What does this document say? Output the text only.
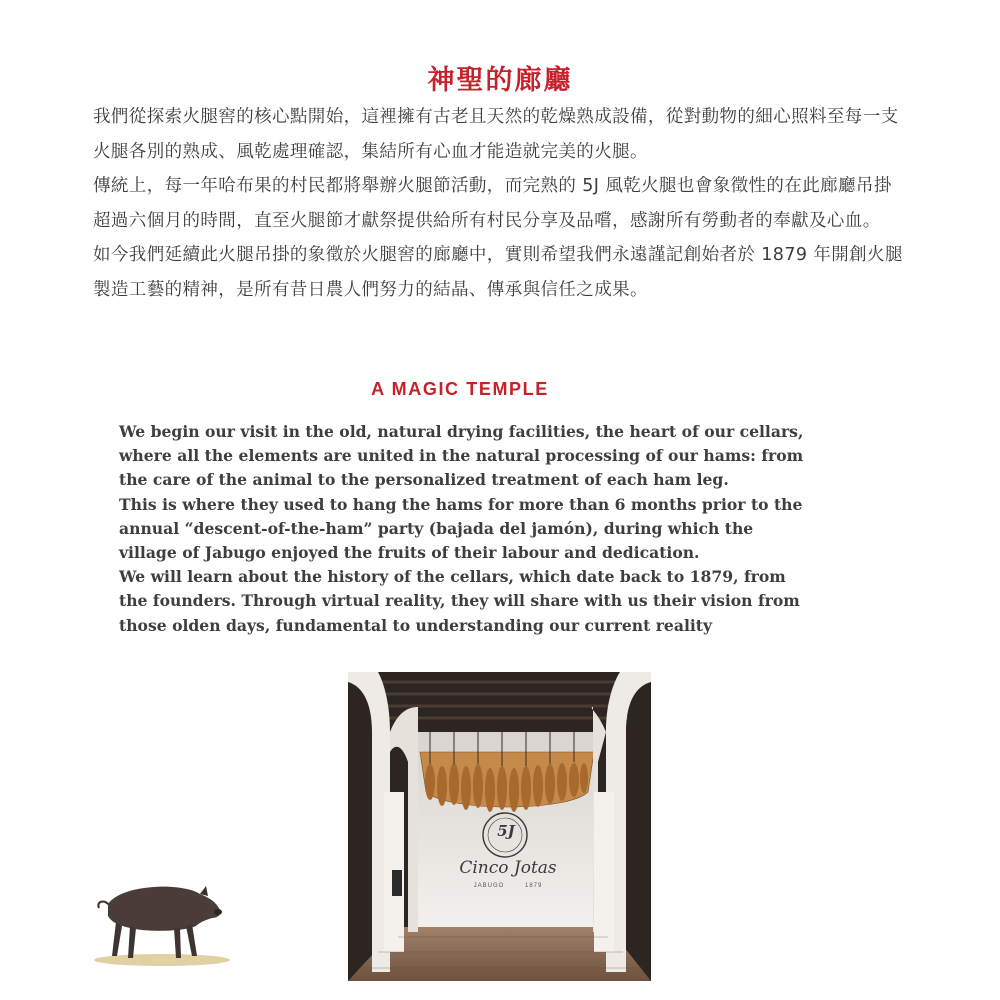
神聖的廊廳

我們從探索火腿窖的核心點開始，這裡擁有古老且天然的乾燥熟成設備，從對動物的細心照料至每一支火腿各別的熟成、風乾處理確認，集結所有心血才能造就完美的火腿。

傳統上，每一年哈布果的村民都將舉辦火腿節活動，而完熟的 5J 風乾火腿也會象徵性的在此廊廳吊掛超過六個月的時間，直至火腿節才獻祭提供給所有村民分享及品嚐，感謝所有勞動者的奉獻及心血。

如今我們延續此火腿吊掛的象徵於火腿窖的廊廳中，實則希望我們永遠謹記創始者於 1879 年開創火腿製造工藝的精神，是所有昔日農人們努力的結晶、傳承與信任之成果。

A MAGIC TEMPLE

We begin our visit in the old, natural drying facilities, the heart of our cellars, where all the elements are united in the natural processing of our hams: from the care of the animal to the personalized treatment of each ham leg.

This is where they used to hang the hams for more than 6 months prior to the annual “descent-of-the-ham” party (bajada del jamón), during which the village of Jabugo enjoyed the fruits of their labour and dedication.

We will learn about the history of the cellars, which date back to 1879, from the founders. Through virtual reality, they will share with us their vision from those olden days, fundamental to understanding our current reality

5J
Cinco Jotas
JABUGO	1879
